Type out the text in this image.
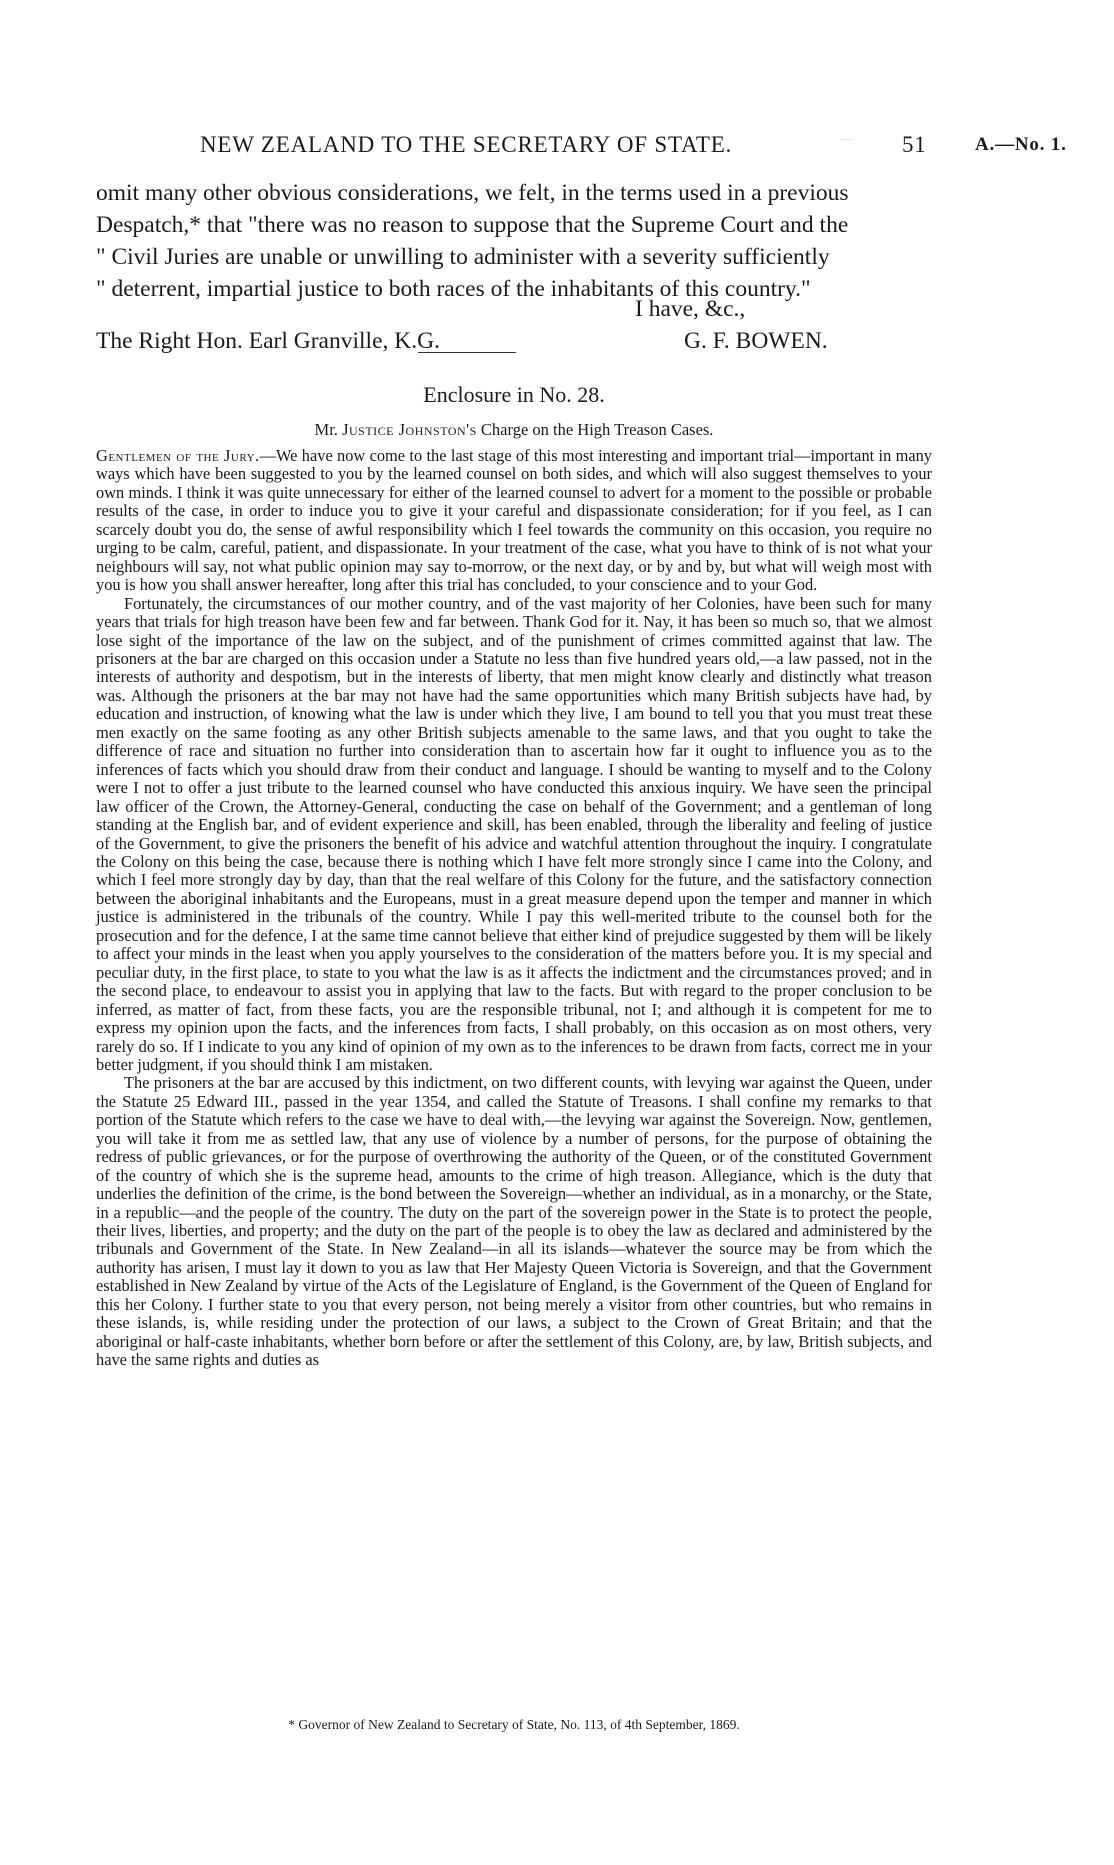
NEW ZEALAND TO THE SECRETARY OF STATE.	˜˜˜ 51	A.—No. 1.

omit many other obvious considerations, we felt, in the terms used in a previous

Despatch,* that "there was no reason to suppose that the Supreme Court and the

" Civil Juries are unable or unwilling to administer with a severity sufficiently

" deterrent, impartial justice to both races of the inhabitants of this country."

I have, &c.,
The Right Hon. Earl Granville, K.G.	G. F. BOWEN.
Enclosure in No. 28.
Mr. Justice Johnston's Charge on the High Treason Cases.

Gentlemen of the Jury.—We have now come to the last stage of this most interesting and important trial—important in many ways which have been suggested to you by the learned counsel on both sides, and which will also suggest themselves to your own minds. I think it was quite unnecessary for either of the learned counsel to advert for a moment to the possible or probable results of the case, in order to induce you to give it your careful and dispassionate consideration; for if you feel, as I can scarcely doubt you do, the sense of awful responsibility which I feel towards the community on this occasion, you require no urging to be calm, careful, patient, and dispassionate. In your treatment of the case, what you have to think of is not what your neighbours will say, not what public opinion may say to-morrow, or the next day, or by and by, but what will weigh most with you is how you shall answer hereafter, long after this trial has concluded, to your conscience and to your God.

Fortunately, the circumstances of our mother country, and of the vast majority of her Colonies, have been such for many years that trials for high treason have been few and far between. Thank God for it. Nay, it has been so much so, that we almost lose sight of the importance of the law on the subject, and of the punishment of crimes committed against that law. The prisoners at the bar are charged on this occasion under a Statute no less than five hundred years old,—a law passed, not in the interests of authority and despotism, but in the interests of liberty, that men might know clearly and distinctly what treason was. Although the prisoners at the bar may not have had the same opportunities which many British subjects have had, by education and instruction, of knowing what the law is under which they live, I am bound to tell you that you must treat these men exactly on the same footing as any other British subjects amenable to the same laws, and that you ought to take the difference of race and situation no further into consideration than to ascertain how far it ought to influence you as to the inferences of facts which you should draw from their conduct and language. I should be wanting to myself and to the Colony were I not to offer a just tribute to the learned counsel who have conducted this anxious inquiry. We have seen the principal law officer of the Crown, the Attorney-General, conducting the case on behalf of the Government; and a gentleman of long standing at the English bar, and of evident experience and skill, has been enabled, through the liberality and feeling of justice of the Government, to give the prisoners the benefit of his advice and watchful attention throughout the inquiry. I congratulate the Colony on this being the case, because there is nothing which I have felt more strongly since I came into the Colony, and which I feel more strongly day by day, than that the real welfare of this Colony for the future, and the satisfactory connection between the aboriginal inhabitants and the Europeans, must in a great measure depend upon the temper and manner in which justice is administered in the tribunals of the country. While I pay this well-merited tribute to the counsel both for the prosecution and for the defence, I at the same time cannot believe that either kind of prejudice suggested by them will be likely to affect your minds in the least when you apply yourselves to the consideration of the matters before you. It is my special and peculiar duty, in the first place, to state to you what the law is as it affects the indictment and the circumstances proved; and in the second place, to endeavour to assist you in applying that law to the facts. But with regard to the proper conclusion to be inferred, as matter of fact, from these facts, you are the responsible tribunal, not I; and although it is competent for me to express my opinion upon the facts, and the inferences from facts, I shall probably, on this occasion as on most others, very rarely do so. If I indicate to you any kind of opinion of my own as to the inferences to be drawn from facts, correct me in your better judgment, if you should think I am mistaken.

The prisoners at the bar are accused by this indictment, on two different counts, with levying war against the Queen, under the Statute 25 Edward III., passed in the year 1354, and called the Statute of Treasons. I shall confine my remarks to that portion of the Statute which refers to the case we have to deal with,—the levying war against the Sovereign. Now, gentlemen, you will take it from me as settled law, that any use of violence by a number of persons, for the purpose of obtaining the redress of public grievances, or for the purpose of overthrowing the authority of the Queen, or of the constituted Government of the country of which she is the supreme head, amounts to the crime of high treason. Allegiance, which is the duty that underlies the definition of the crime, is the bond between the Sovereign—whether an individual, as in a monarchy, or the State, in a republic—and the people of the country. The duty on the part of the sovereign power in the State is to protect the people, their lives, liberties, and property; and the duty on the part of the people is to obey the law as declared and administered by the tribunals and Government of the State. In New Zealand—in all its islands—whatever the source may be from which the authority has arisen, I must lay it down to you as law that Her Majesty Queen Victoria is Sovereign, and that the Government established in New Zealand by virtue of the Acts of the Legislature of England, is the Government of the Queen of England for this her Colony. I further state to you that every person, not being merely a visitor from other countries, but who remains in these islands, is, while residing under the protection of our laws, a subject to the Crown of Great Britain; and that the aboriginal or half-caste inhabitants, whether born before or after the settlement of this Colony, are, by law, British subjects, and have the same rights and duties as

* Governor of New Zealand to Secretary of State, No. 113, of 4th September, 1869.
